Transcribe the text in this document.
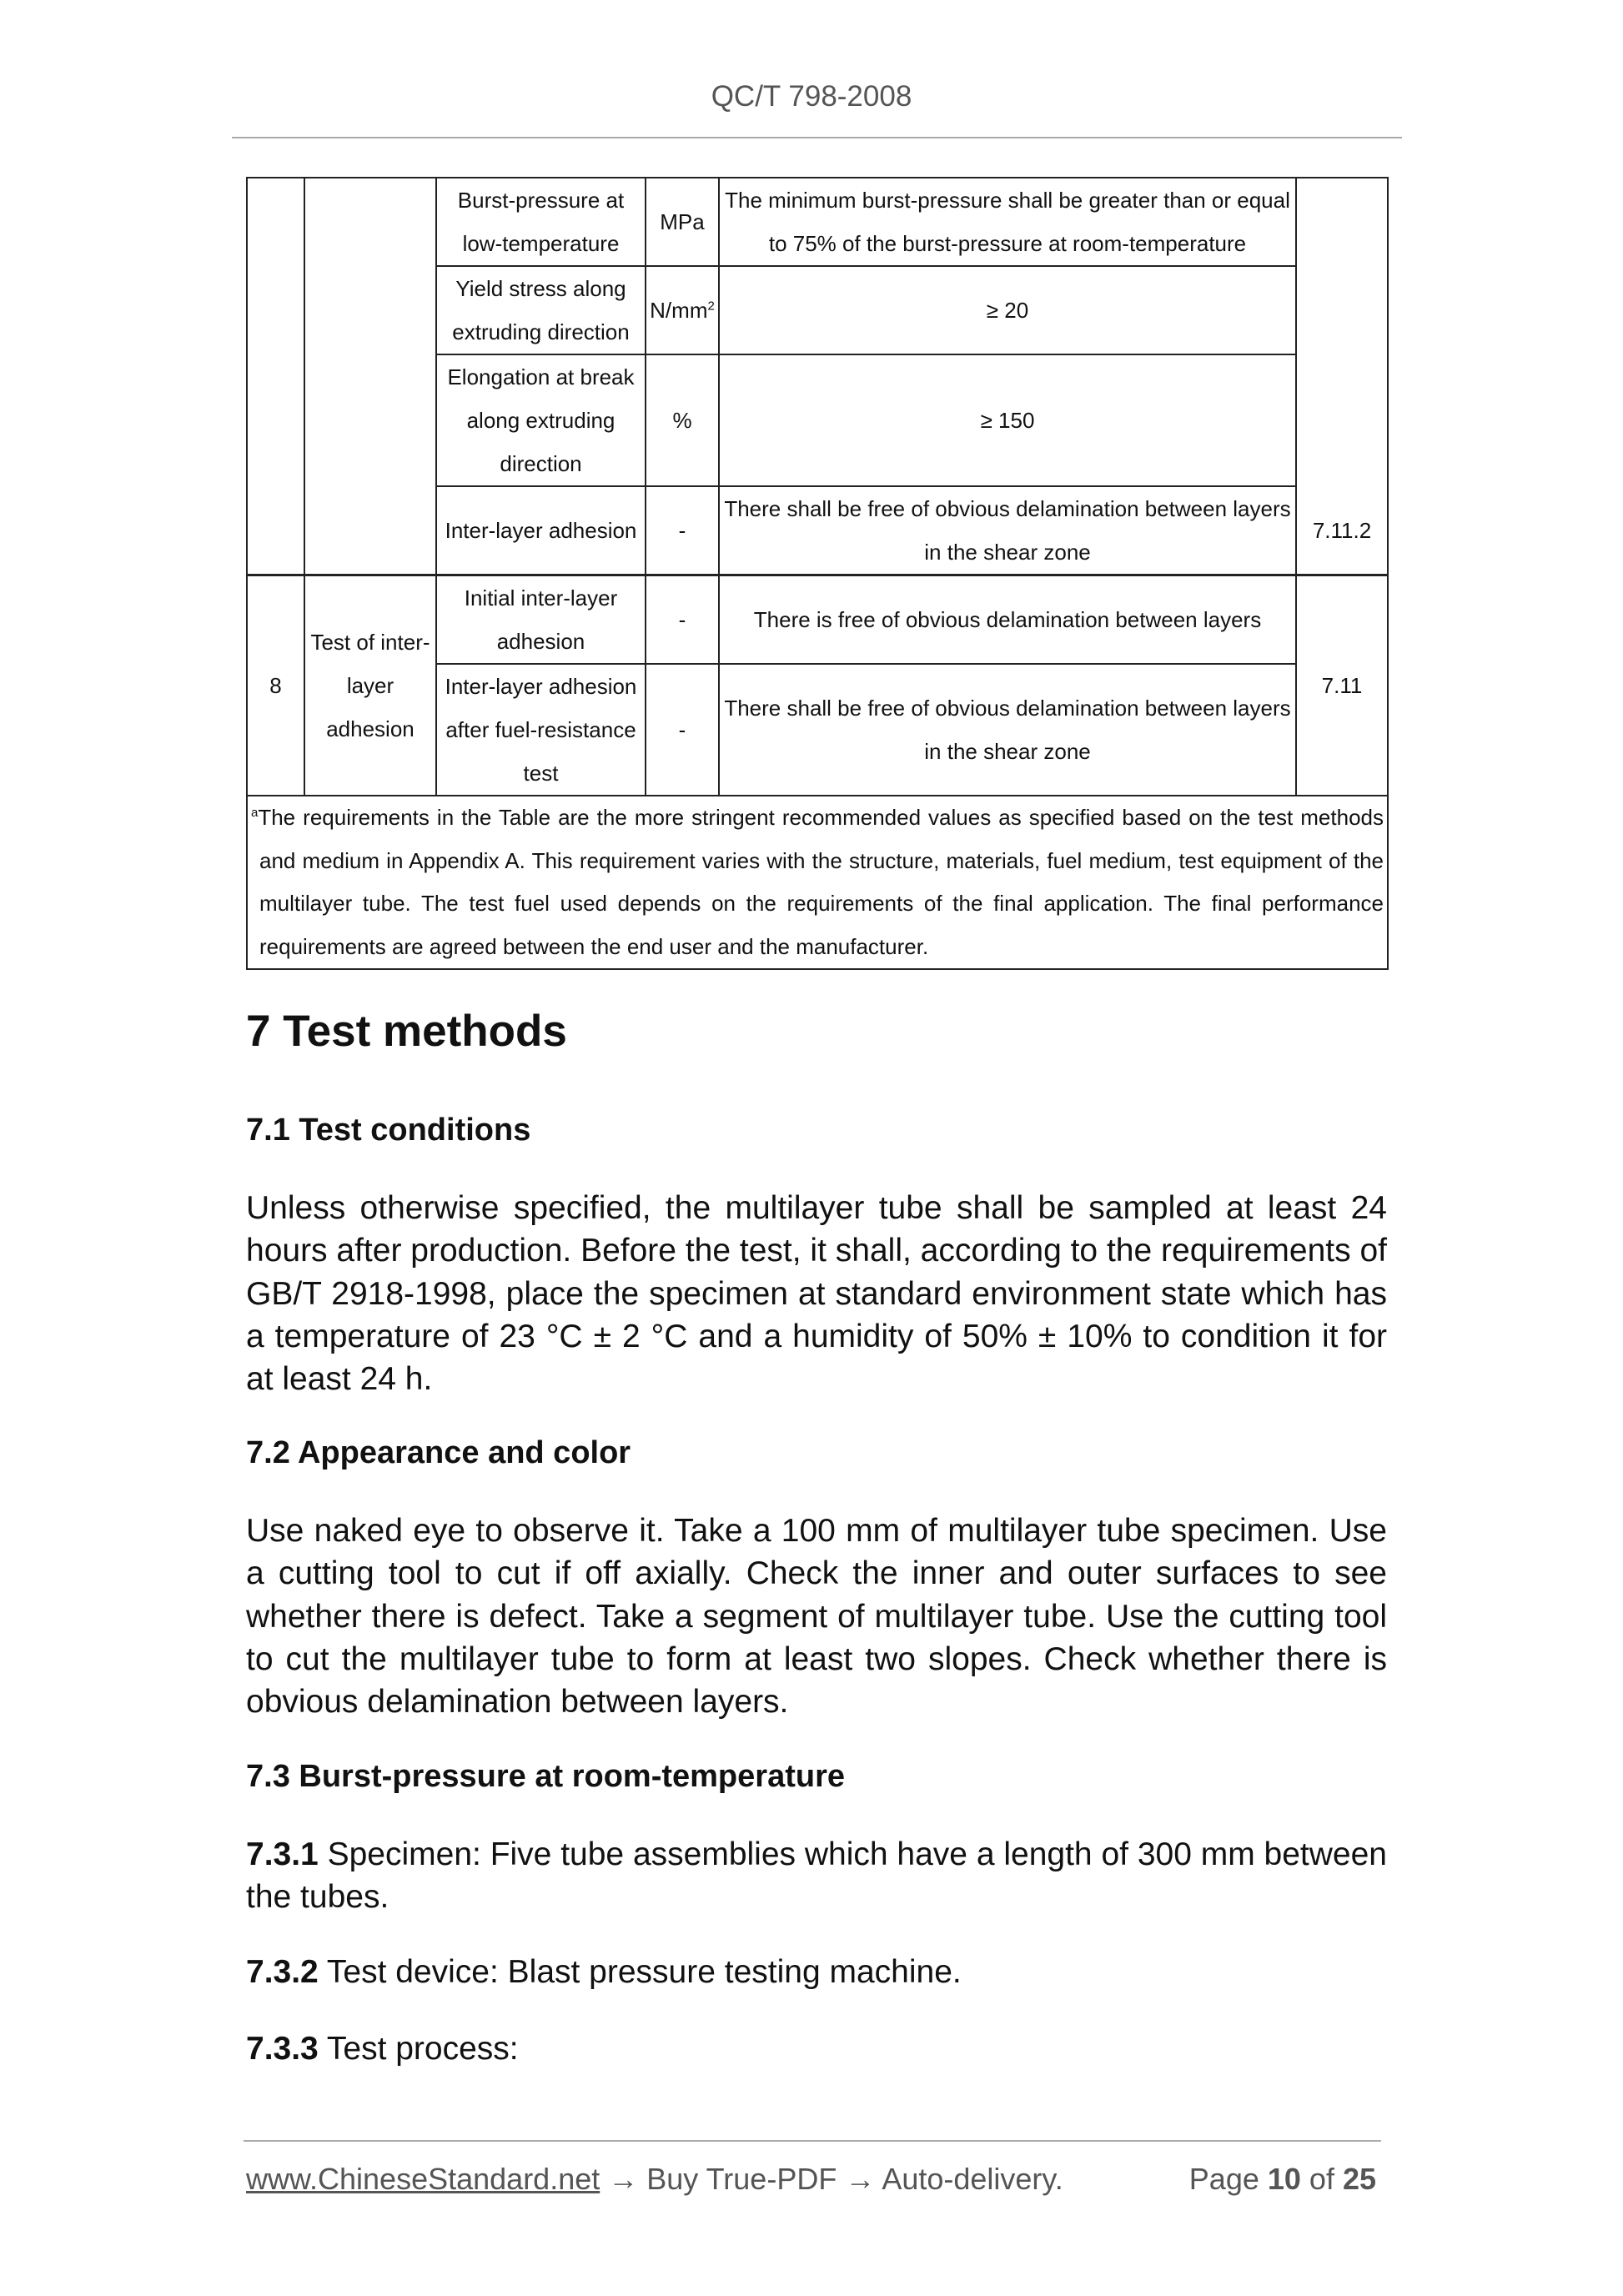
QC/T 798-2008
		Burst-pressure at low-temperature	MPa	The minimum burst-pressure shall be greater than or equal to 75% of the burst-pressure at room-temperature	
		Yield stress along extruding direction	$N/mm^2$	≥ 20	
		Elongation at break along extruding direction	%	≥ 150	
		Inter-layer adhesion	-	There shall be free of obvious delamination between layers in the shear zone	7.11.2
8	Test of inter-layer adhesion	Initial inter-layer adhesion	-	There is free of obvious delamination between layers	7.11
		Inter-layer adhesion after fuel-resistance test	-	There shall be free of obvious delamination between layers in the shear zone	
$^a$The requirements in the Table are the more stringent recommended values as specified based on the test methods and medium in Appendix A. This requirement varies with the structure, materials, fuel medium, test equipment of the multilayer tube. The test fuel used depends on the requirements of the final application. The final performance requirements are agreed between the end user and the manufacturer.					
7 Test methods
7.1 Test conditions

Unless otherwise specified, the multilayer tube shall be sampled at least 24 hours after production. Before the test, it shall, according to the requirements of GB/T 2918-1998, place the specimen at standard environment state which has a temperature of 23 °C ± 2 °C and a humidity of 50% ± 10% to condition it for at least 24 h.

7.2 Appearance and color

Use naked eye to observe it. Take a 100 mm of multilayer tube specimen. Use a cutting tool to cut if off axially. Check the inner and outer surfaces to see whether there is defect. Take a segment of multilayer tube. Use the cutting tool to cut the multilayer tube to form at least two slopes. Check whether there is obvious delamination between layers.

7.3 Burst-pressure at room-temperature

7.3.1 Specimen: Five tube assemblies which have a length of 300 mm between the tubes.

7.3.2 Test device: Blast pressure testing machine.

7.3.3 Test process:

www.ChineseStandard.net → Buy True-PDF → Auto-delivery.	Page 10 of 25
